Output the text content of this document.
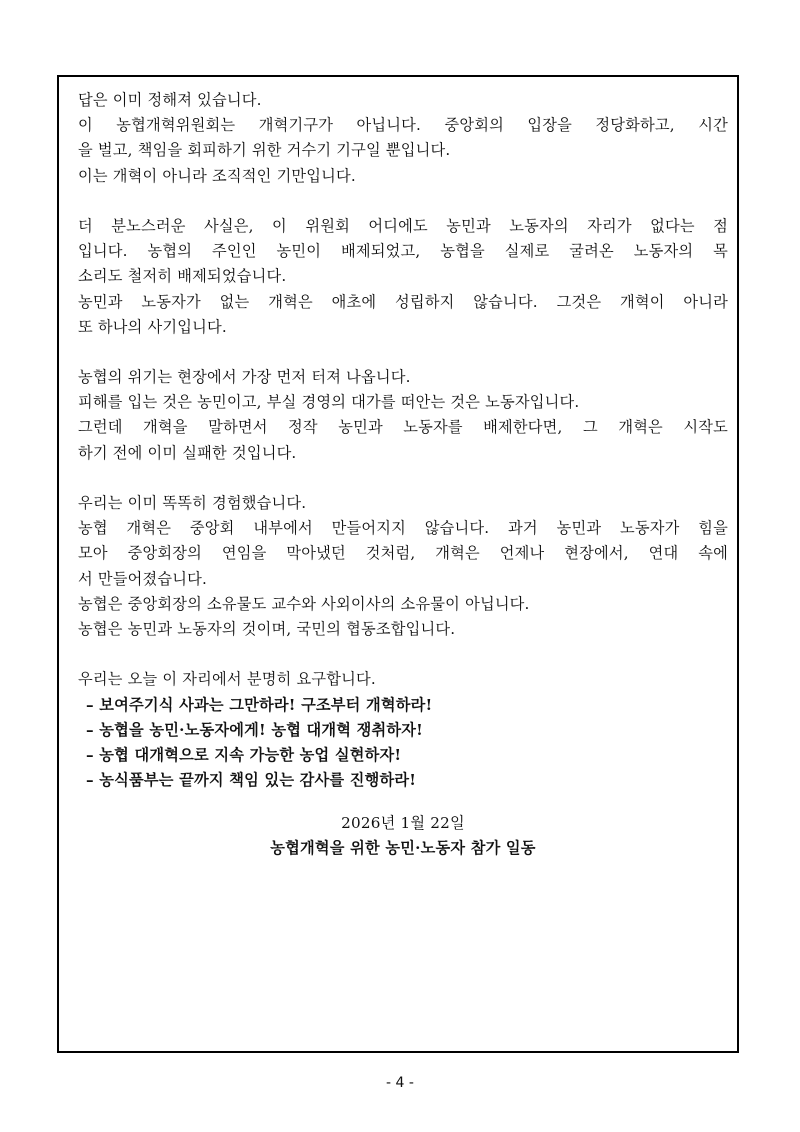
답은 이미 정해져 있습니다.
이 농협개혁위원회는 개혁기구가 아닙니다. 중앙회의 입장을 정당화하고, 시간
을 벌고, 책임을 회피하기 위한 거수기 기구일 뿐입니다.
이는 개혁이 아니라 조직적인 기만입니다.
더 분노스러운 사실은, 이 위원회 어디에도 농민과 노동자의 자리가 없다는 점
입니다. 농협의 주인인 농민이 배제되었고, 농협을 실제로 굴려온 노동자의 목
소리도 철저히 배제되었습니다.
농민과 노동자가 없는 개혁은 애초에 성립하지 않습니다. 그것은 개혁이 아니라
또 하나의 사기입니다.
농협의 위기는 현장에서 가장 먼저 터져 나옵니다.
피해를 입는 것은 농민이고, 부실 경영의 대가를 떠안는 것은 노동자입니다.
그런데 개혁을 말하면서 정작 농민과 노동자를 배제한다면, 그 개혁은 시작도
하기 전에 이미 실패한 것입니다.
우리는 이미 똑똑히 경험했습니다.
농협 개혁은 중앙회 내부에서 만들어지지 않습니다. 과거 농민과 노동자가 힘을
모아 중앙회장의 연임을 막아냈던 것처럼, 개혁은 언제나 현장에서, 연대 속에
서 만들어졌습니다.
농협은 중앙회장의 소유물도 교수와 사외이사의 소유물이 아닙니다.
농협은 농민과 노동자의 것이며, 국민의 협동조합입니다.
우리는 오늘 이 자리에서 분명히 요구합니다.
– 보여주기식 사과는 그만하라! 구조부터 개혁하라!
– 농협을 농민·노동자에게! 농협 대개혁 쟁취하자!
– 농협 대개혁으로 지속 가능한 농업 실현하자!
– 농식품부는 끝까지 책임 있는 감사를 진행하라!
2026년 1월 22일
농협개혁을 위한 농민·노동자 참가 일동
- 4 -
